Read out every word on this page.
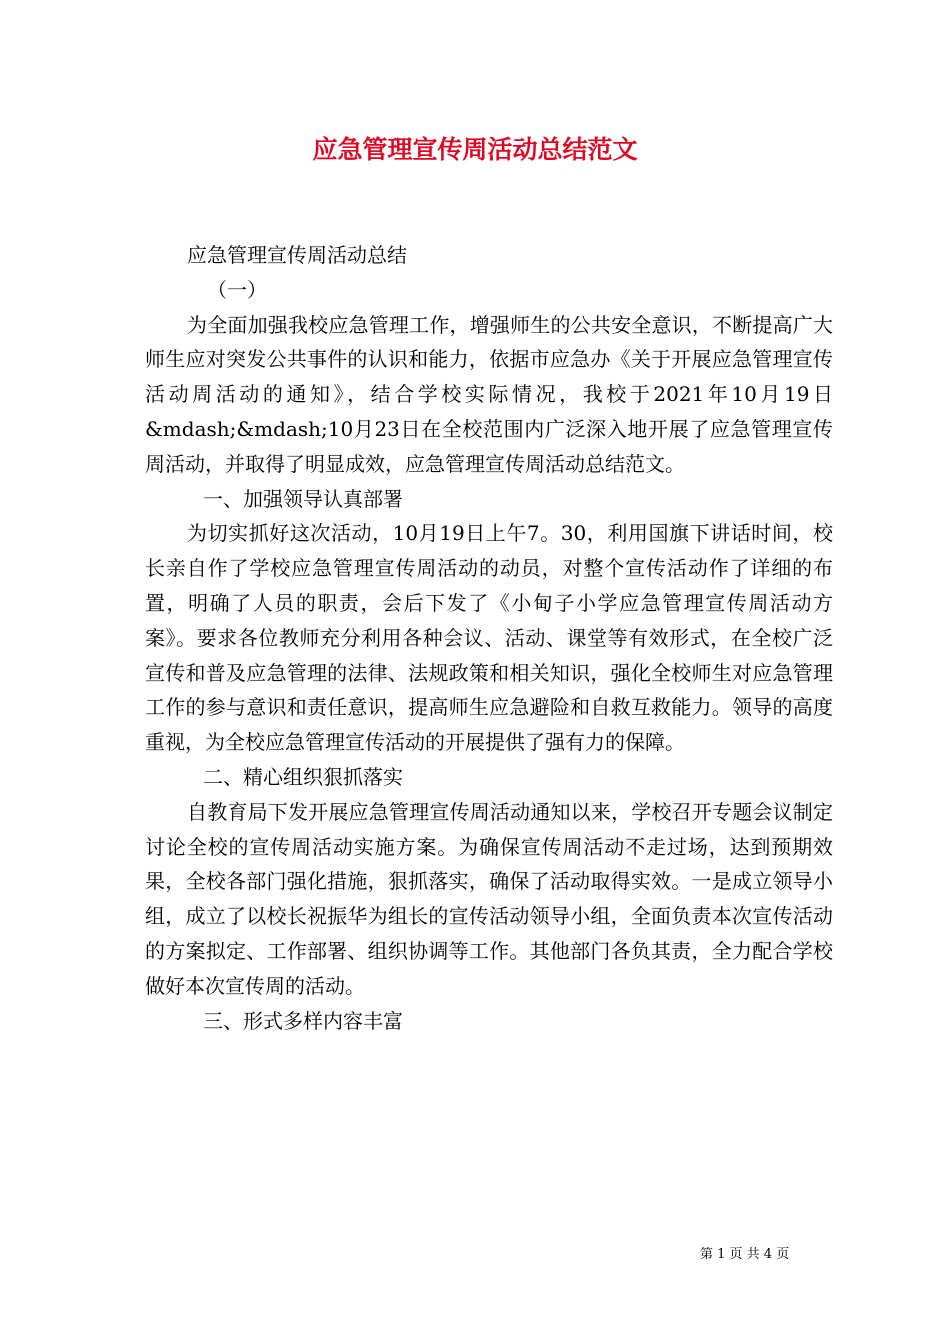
应急管理宣传周活动总结范文

应急管理宣传周活动总结

（一）

为全面加强我校应急管理工作，增强师生的公共安全意识，不断提高广大师生应对突发公共事件的认识和能力，依据市应急办《关于开展应急管理宣传活动周活动的通知》，结合学校实际情况，我校于2021年10月19日&mdash;&mdash;10月23日在全校范围内广泛深入地开展了应急管理宣传周活动，并取得了明显成效，应急管理宣传周活动总结范文。

一、加强领导认真部署

为切实抓好这次活动，10月19日上午7。30，利用国旗下讲话时间，校长亲自作了学校应急管理宣传周活动的动员，对整个宣传活动作了详细的布置，明确了人员的职责，会后下发了《小甸子小学应急管理宣传周活动方案》。要求各位教师充分利用各种会议、活动、课堂等有效形式，在全校广泛宣传和普及应急管理的法律、法规政策和相关知识，强化全校师生对应急管理工作的参与意识和责任意识，提高师生应急避险和自救互救能力。领导的高度重视，为全校应急管理宣传活动的开展提供了强有力的保障。

二、精心组织狠抓落实

自教育局下发开展应急管理宣传周活动通知以来，学校召开专题会议制定讨论全校的宣传周活动实施方案。为确保宣传周活动不走过场，达到预期效果，全校各部门强化措施，狠抓落实，确保了活动取得实效。一是成立领导小组，成立了以校长祝振华为组长的宣传活动领导小组，全面负责本次宣传活动的方案拟定、工作部署、组织协调等工作。其他部门各负其责，全力配合学校做好本次宣传周的活动。

三、形式多样内容丰富

第 1 页 共 4 页
